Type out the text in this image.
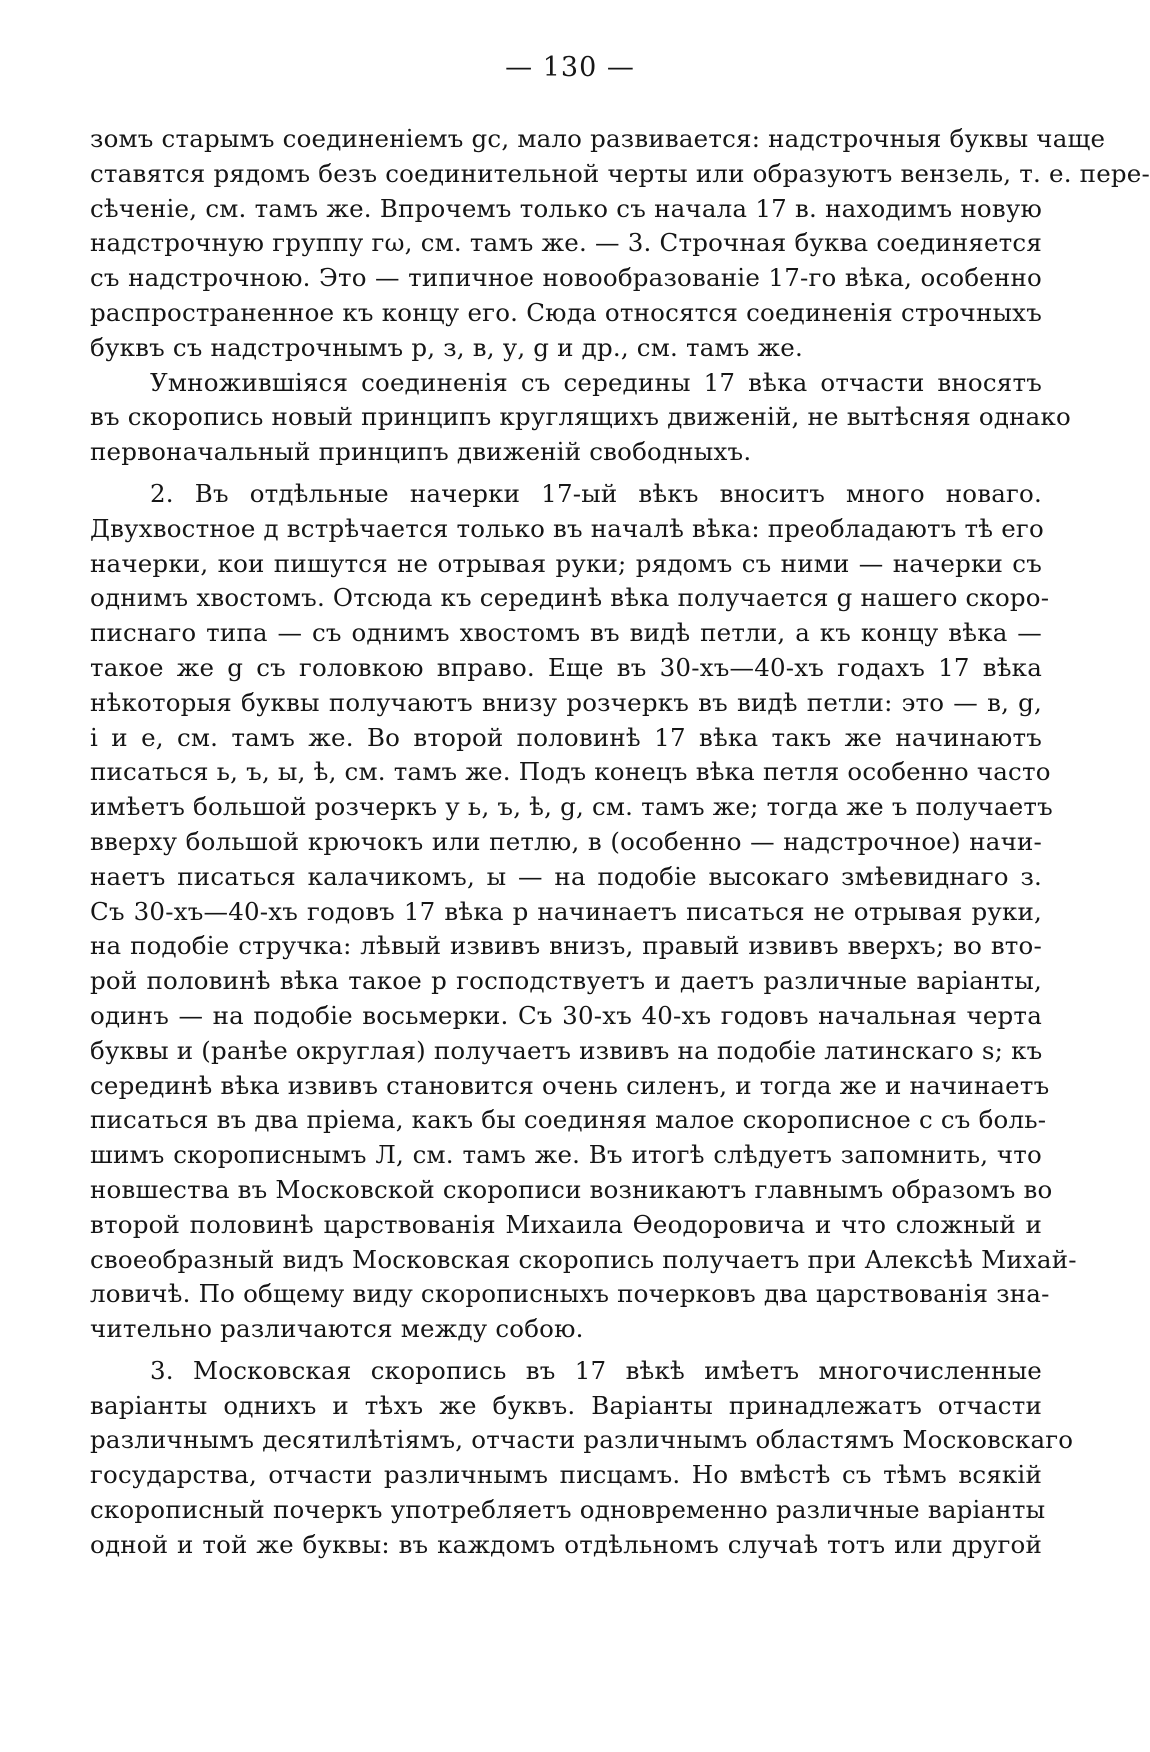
— 130 —
зомъ старымъ соединеніемъ gc, мало развивается: надстрочныя буквы чаще
ставятся рядомъ безъ соединительной черты или образуютъ вензель, т. е. пере-
сѣченіе, см. тамъ же. Впрочемъ только съ начала 17 в. находимъ новую
надстрочную группу гω, см. тамъ же. — 3. Строчная буква соединяется
съ надстрочною. Это — типичное новообразованіе 17-го вѣка, особенно
распространенное къ концу его. Сюда относятся соединенія строчныхъ
буквъ съ надстрочнымъ р, з, в, у, g и др., см. тамъ же.
Умножившіяся соединенія съ середины 17 вѣка отчасти вносятъ
въ скоропись новый принципъ круглящихъ движеній, не вытѣсняя однако
первоначальный принципъ движеній свободныхъ.
2. Въ отдѣльные начерки 17-ый вѣкъ вноситъ много новаго.
Двухвостное д встрѣчается только въ началѣ вѣка: преобладаютъ тѣ его
начерки, кои пишутся не отрывая руки; рядомъ съ ними — начерки съ
однимъ хвостомъ. Отсюда къ серединѣ вѣка получается g нашего скоро-
писнаго типа — съ однимъ хвостомъ въ видѣ петли, а къ концу вѣка —
такое же g съ головкою вправо. Еще въ 30-хъ—40-хъ годахъ 17 вѣка
нѣкоторыя буквы получаютъ внизу розчеркъ въ видѣ петли: это — в, g,
і и е, см. тамъ же. Во второй половинѣ 17 вѣка такъ же начинаютъ
писаться ь, ъ, ы, ѣ, см. тамъ же. Подъ конецъ вѣка петля особенно часто
имѣетъ большой розчеркъ у ь, ъ, ѣ, g, см. тамъ же; тогда же ъ получаетъ
вверху большой крючокъ или петлю, в (особенно — надстрочное) начи-
наетъ писаться калачикомъ, ы — на подобіе высокаго змѣевиднаго з.
Съ 30-хъ—40-хъ годовъ 17 вѣка р начинаетъ писаться не отрывая руки,
на подобіе стручка: лѣвый извивъ внизъ, правый извивъ вверхъ; во вто-
рой половинѣ вѣка такое р господствуетъ и даетъ различные варіанты,
одинъ — на подобіе восьмерки. Съ 30-хъ 40-хъ годовъ начальная черта
буквы и (ранѣе округлая) получаетъ извивъ на подобіе латинскаго s; къ
серединѣ вѣка извивъ становится очень силенъ, и тогда же и начинаетъ
писаться въ два пріема, какъ бы соединяя малое скорописное с съ боль-
шимъ скорописнымъ Л, см. тамъ же. Въ итогѣ слѣдуетъ запомнить, что
новшества въ Московской скорописи возникаютъ главнымъ образомъ во
второй половинѣ царствованія Михаила Ѳеодоровича и что сложный и
своеобразный видъ Московская скоропись получаетъ при Алексѣѣ Михай-
ловичѣ. По общему виду скорописныхъ почерковъ два царствованія зна-
чительно различаются между собою.
3. Московская скоропись въ 17 вѣкѣ имѣетъ многочисленные
варіанты однихъ и тѣхъ же буквъ. Варіанты принадлежатъ отчасти
различнымъ десятилѣтіямъ, отчасти различнымъ областямъ Московскаго
государства, отчасти различнымъ писцамъ. Но вмѣстѣ съ тѣмъ всякій
скорописный почеркъ употребляетъ одновременно различные варіанты
одной и той же буквы: въ каждомъ отдѣльномъ случаѣ тотъ или другой
